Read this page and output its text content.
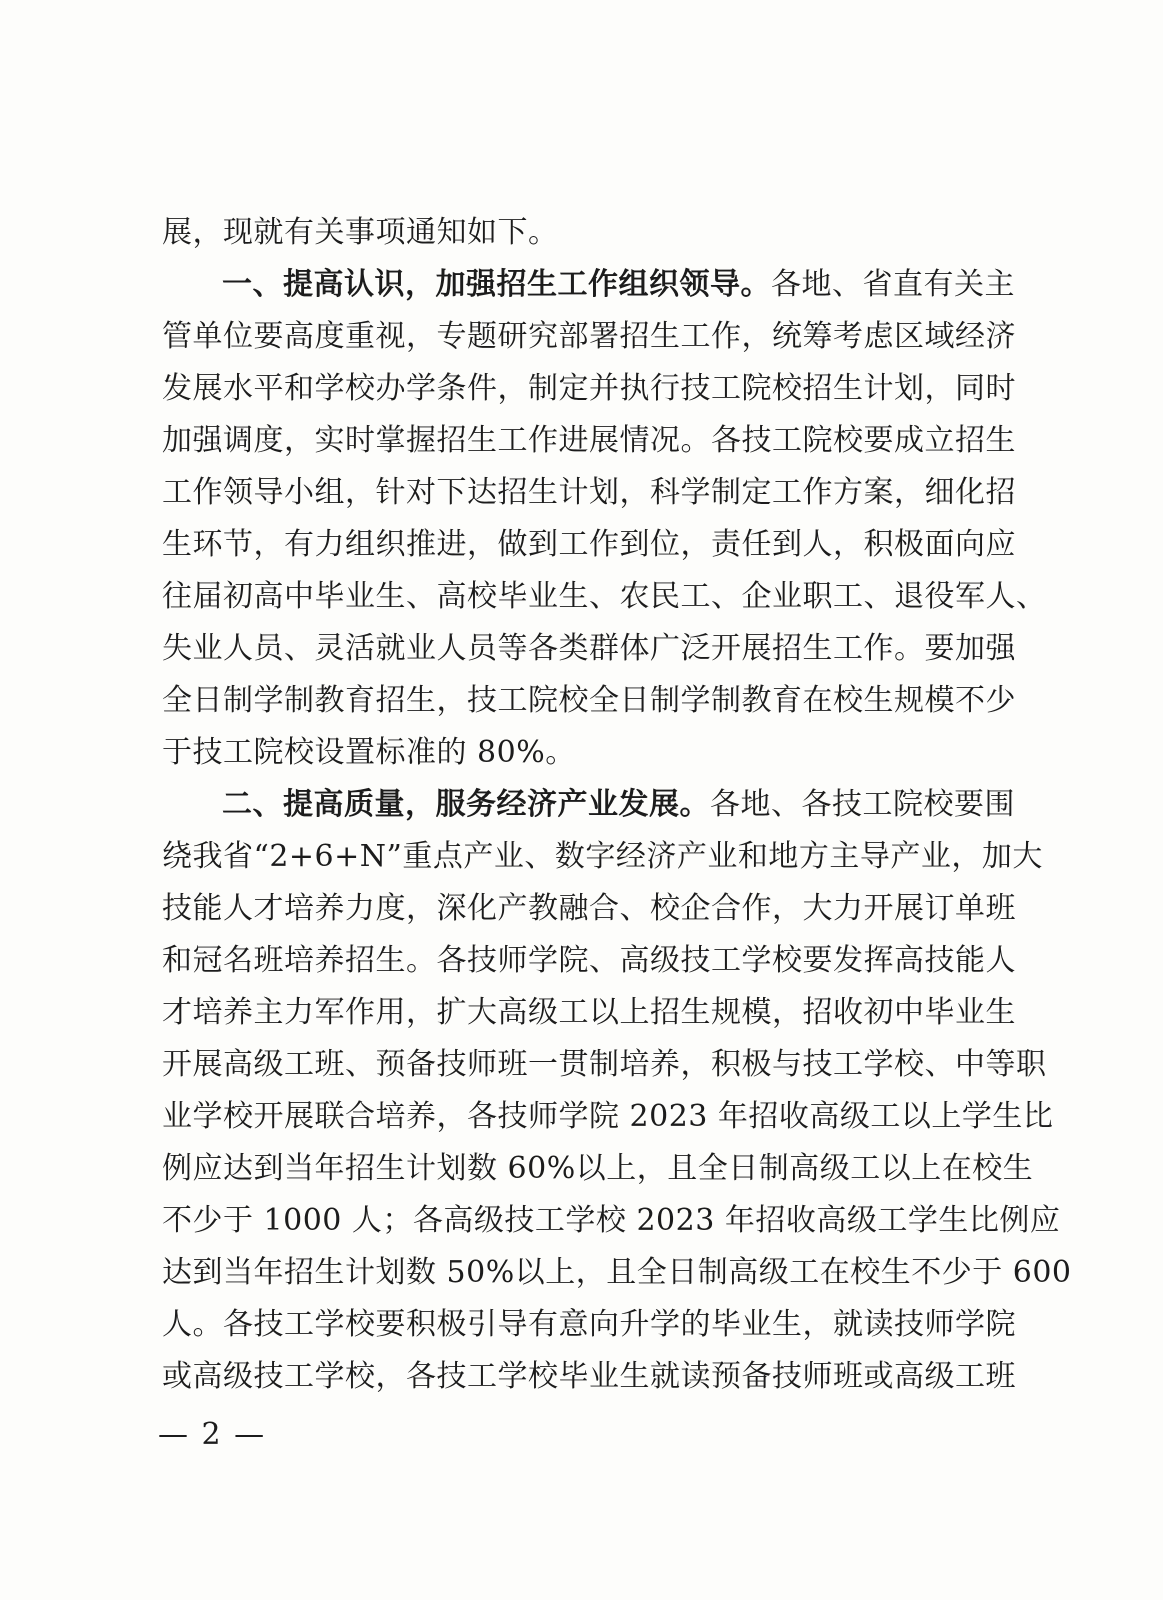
展，现就有关事项通知如下。
一、提高认识，加强招生工作组织领导。各地、省直有关主
管单位要高度重视，专题研究部署招生工作，统筹考虑区域经济
发展水平和学校办学条件，制定并执行技工院校招生计划，同时
加强调度，实时掌握招生工作进展情况。各技工院校要成立招生
工作领导小组，针对下达招生计划，科学制定工作方案，细化招
生环节，有力组织推进，做到工作到位，责任到人，积极面向应
往届初高中毕业生、高校毕业生、农民工、企业职工、退役军人、
失业人员、灵活就业人员等各类群体广泛开展招生工作。要加强
全日制学制教育招生，技工院校全日制学制教育在校生规模不少
于技工院校设置标准的 80%。
二、提高质量，服务经济产业发展。各地、各技工院校要围
绕我省“2+6+N”重点产业、数字经济产业和地方主导产业，加大
技能人才培养力度，深化产教融合、校企合作，大力开展订单班
和冠名班培养招生。各技师学院、高级技工学校要发挥高技能人
才培养主力军作用，扩大高级工以上招生规模，招收初中毕业生
开展高级工班、预备技师班一贯制培养，积极与技工学校、中等职
业学校开展联合培养，各技师学院 2023 年招收高级工以上学生比
例应达到当年招生计划数 60%以上，且全日制高级工以上在校生
不少于 1000 人；各高级技工学校 2023 年招收高级工学生比例应
达到当年招生计划数 50%以上，且全日制高级工在校生不少于 600
人。各技工学校要积极引导有意向升学的毕业生，就读技师学院
或高级技工学校，各技工学校毕业生就读预备技师班或高级工班
— 2 —
